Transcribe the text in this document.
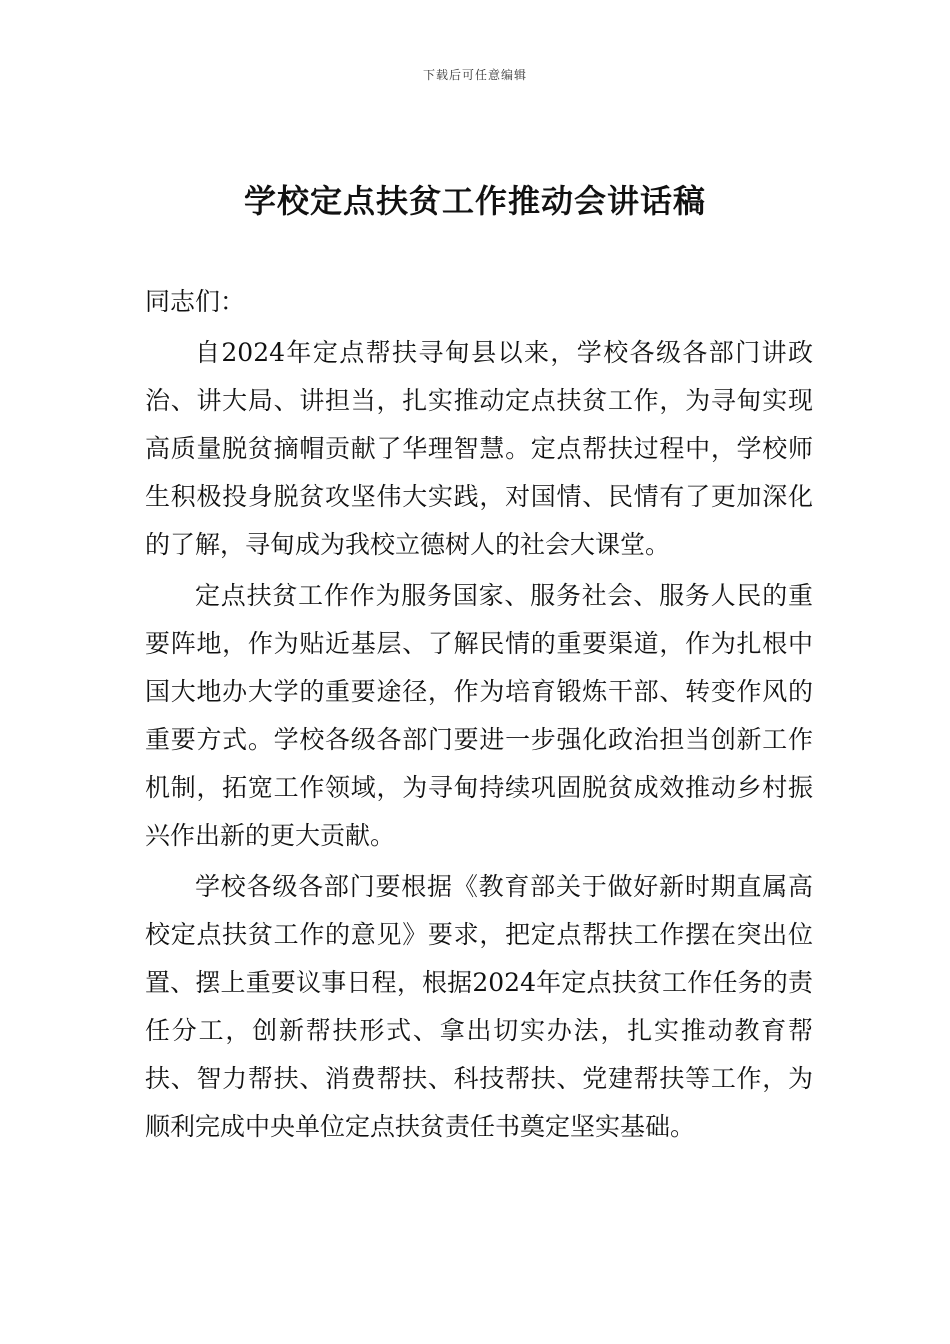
下载后可任意编辑
学校定点扶贫工作推动会讲话稿

同志们：

自2024年定点帮扶寻甸县以来，学校各级各部门讲政治、讲大局、讲担当，扎实推动定点扶贫工作，为寻甸实现高质量脱贫摘帽贡献了华理智慧。定点帮扶过程中，学校师生积极投身脱贫攻坚伟大实践，对国情、民情有了更加深化的了解，寻甸成为我校立德树人的社会大课堂。

定点扶贫工作作为服务国家、服务社会、服务人民的重要阵地，作为贴近基层、了解民情的重要渠道，作为扎根中国大地办大学的重要途径，作为培育锻炼干部、转变作风的重要方式。学校各级各部门要进一步强化政治担当创新工作机制，拓宽工作领域，为寻甸持续巩固脱贫成效推动乡村振兴作出新的更大贡献。

学校各级各部门要根据《教育部关于做好新时期直属高校定点扶贫工作的意见》要求，把定点帮扶工作摆在突出位置、摆上重要议事日程，根据2024年定点扶贫工作任务的责任分工，创新帮扶形式、拿出切实办法，扎实推动教育帮扶、智力帮扶、消费帮扶、科技帮扶、党建帮扶等工作，为顺利完成中央单位定点扶贫责任书奠定坚实基础。
